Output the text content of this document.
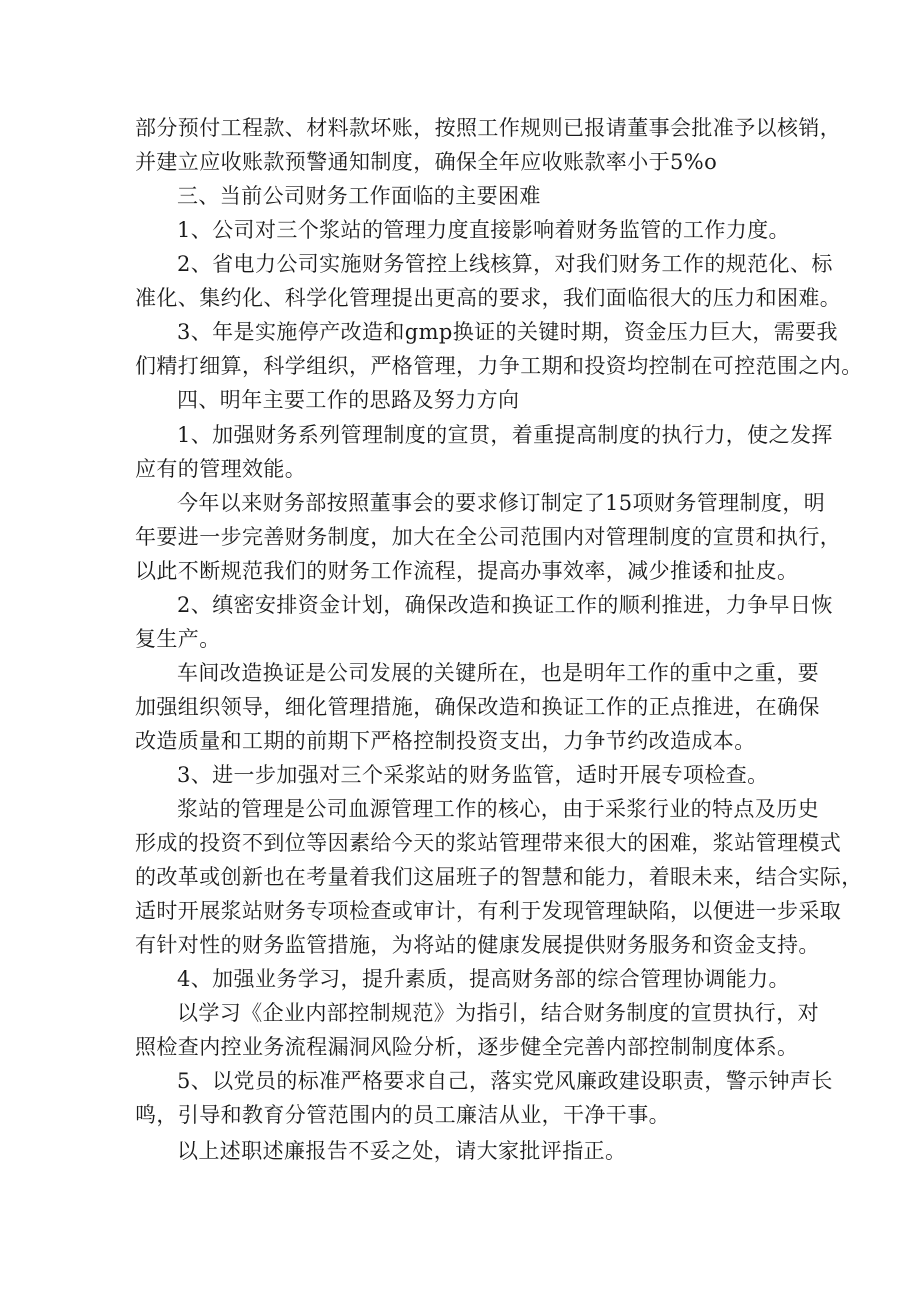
部分预付工程款、材料款坏账，按照工作规则已报请董事会批准予以核销，
并建立应收账款预警通知制度，确保全年应收账款率小于5%o
三、当前公司财务工作面临的主要困难
1、公司对三个浆站的管理力度直接影响着财务监管的工作力度。
2、省电力公司实施财务管控上线核算，对我们财务工作的规范化、标
准化、集约化、科学化管理提出更高的要求，我们面临很大的压力和困难。
3、年是实施停产改造和gmp换证的关键时期，资金压力巨大，需要我
们精打细算，科学组织，严格管理，力争工期和投资均控制在可控范围之内。
四、明年主要工作的思路及努力方向
1、加强财务系列管理制度的宣贯，着重提高制度的执行力，使之发挥
应有的管理效能。
今年以来财务部按照董事会的要求修订制定了15项财务管理制度，明
年要进一步完善财务制度，加大在全公司范围内对管理制度的宣贯和执行，
以此不断规范我们的财务工作流程，提高办事效率，减少推诿和扯皮。
2、缜密安排资金计划，确保改造和换证工作的顺利推进，力争早日恢
复生产。
车间改造换证是公司发展的关键所在，也是明年工作的重中之重，要
加强组织领导，细化管理措施，确保改造和换证工作的正点推进，在确保
改造质量和工期的前期下严格控制投资支出，力争节约改造成本。
3、进一步加强对三个采浆站的财务监管，适时开展专项检查。
浆站的管理是公司血源管理工作的核心，由于采浆行业的特点及历史
形成的投资不到位等因素给今天的浆站管理带来很大的困难，浆站管理模式
的改革或创新也在考量着我们这届班子的智慧和能力，着眼未来，结合实际，
适时开展浆站财务专项检查或审计，有利于发现管理缺陷，以便进一步采取
有针对性的财务监管措施，为将站的健康发展提供财务服务和资金支持。
4、加强业务学习，提升素质，提高财务部的综合管理协调能力。
以学习《企业内部控制规范》为指引，结合财务制度的宣贯执行，对
照检查内控业务流程漏洞风险分析，逐步健全完善内部控制制度体系。
5、以党员的标准严格要求自己，落实党风廉政建设职责，警示钟声长
鸣，引导和教育分管范围内的员工廉洁从业，干净干事。
以上述职述廉报告不妥之处，请大家批评指正。
